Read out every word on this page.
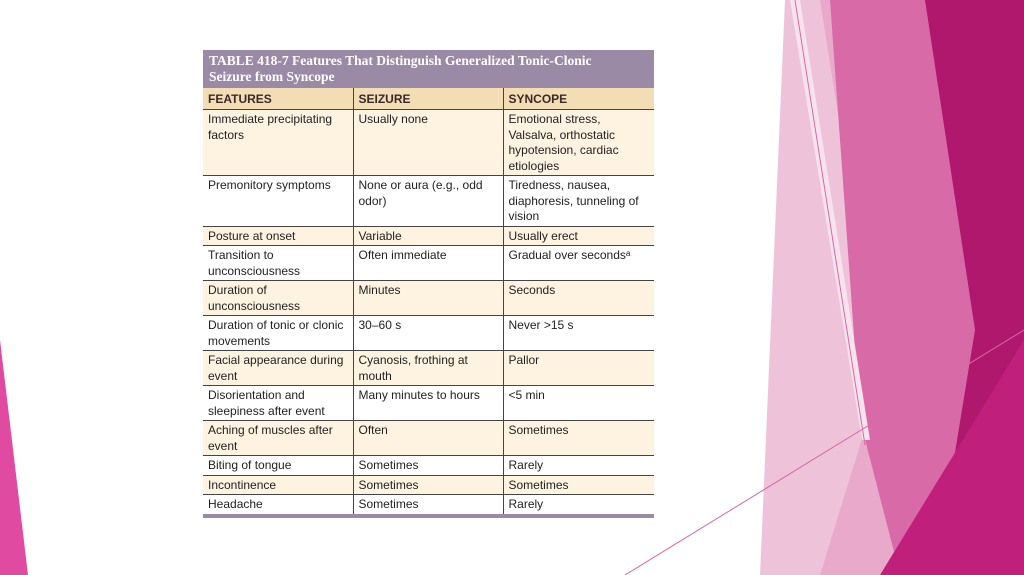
TABLE 418-7 Features That Distinguish Generalized Tonic-Clonic
Seizure from Syncope
FEATURES	SEIZURE	SYNCOPE
Immediate precipitating factors	Usually none	Emotional stress, Valsalva, orthostatic hypotension, cardiac etiologies
Premonitory symptoms	None or aura (e.g., odd odor)	Tiredness, nausea, diaphoresis, tunneling of vision
Posture at onset	Variable	Usually erect
Transition to unconsciousness	Often immediate	Gradual over secondsᵃ
Duration of unconsciousness	Minutes	Seconds
Duration of tonic or clonic movements	30–60 s	Never >15 s
Facial appearance during event	Cyanosis, frothing at mouth	Pallor
Disorientation and sleepiness after event	Many minutes to hours	<5 min
Aching of muscles after event	Often	Sometimes
Biting of tongue	Sometimes	Rarely
Incontinence	Sometimes	Sometimes
Headache	Sometimes	Rarely
